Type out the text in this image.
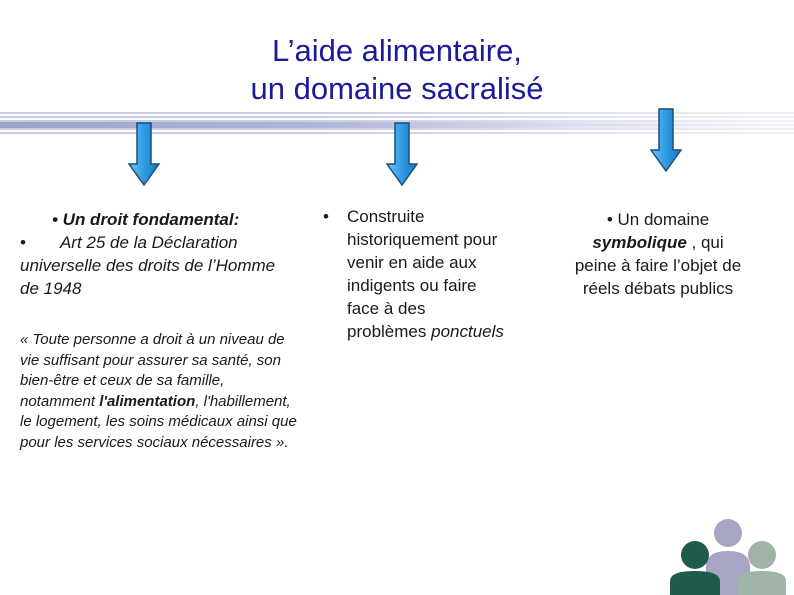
L’aide alimentaire,
un domaine sacralisé
• Un droit fondamental:
• Art 25 de la Déclaration universelle des droits de l’Homme de 1948
« Toute personne a droit à un niveau de vie suffisant pour assurer sa santé, son bien-être et ceux de sa famille, notamment l'alimentation, l'habillement, le logement, les soins médicaux ainsi que pour les services sociaux nécessaires ».
•	Construite historiquement pour venir en aide aux indigents ou faire face à des problèmes ponctuels
• Un domaine
symbolique , qui peine à faire l’objet de réels débats publics
